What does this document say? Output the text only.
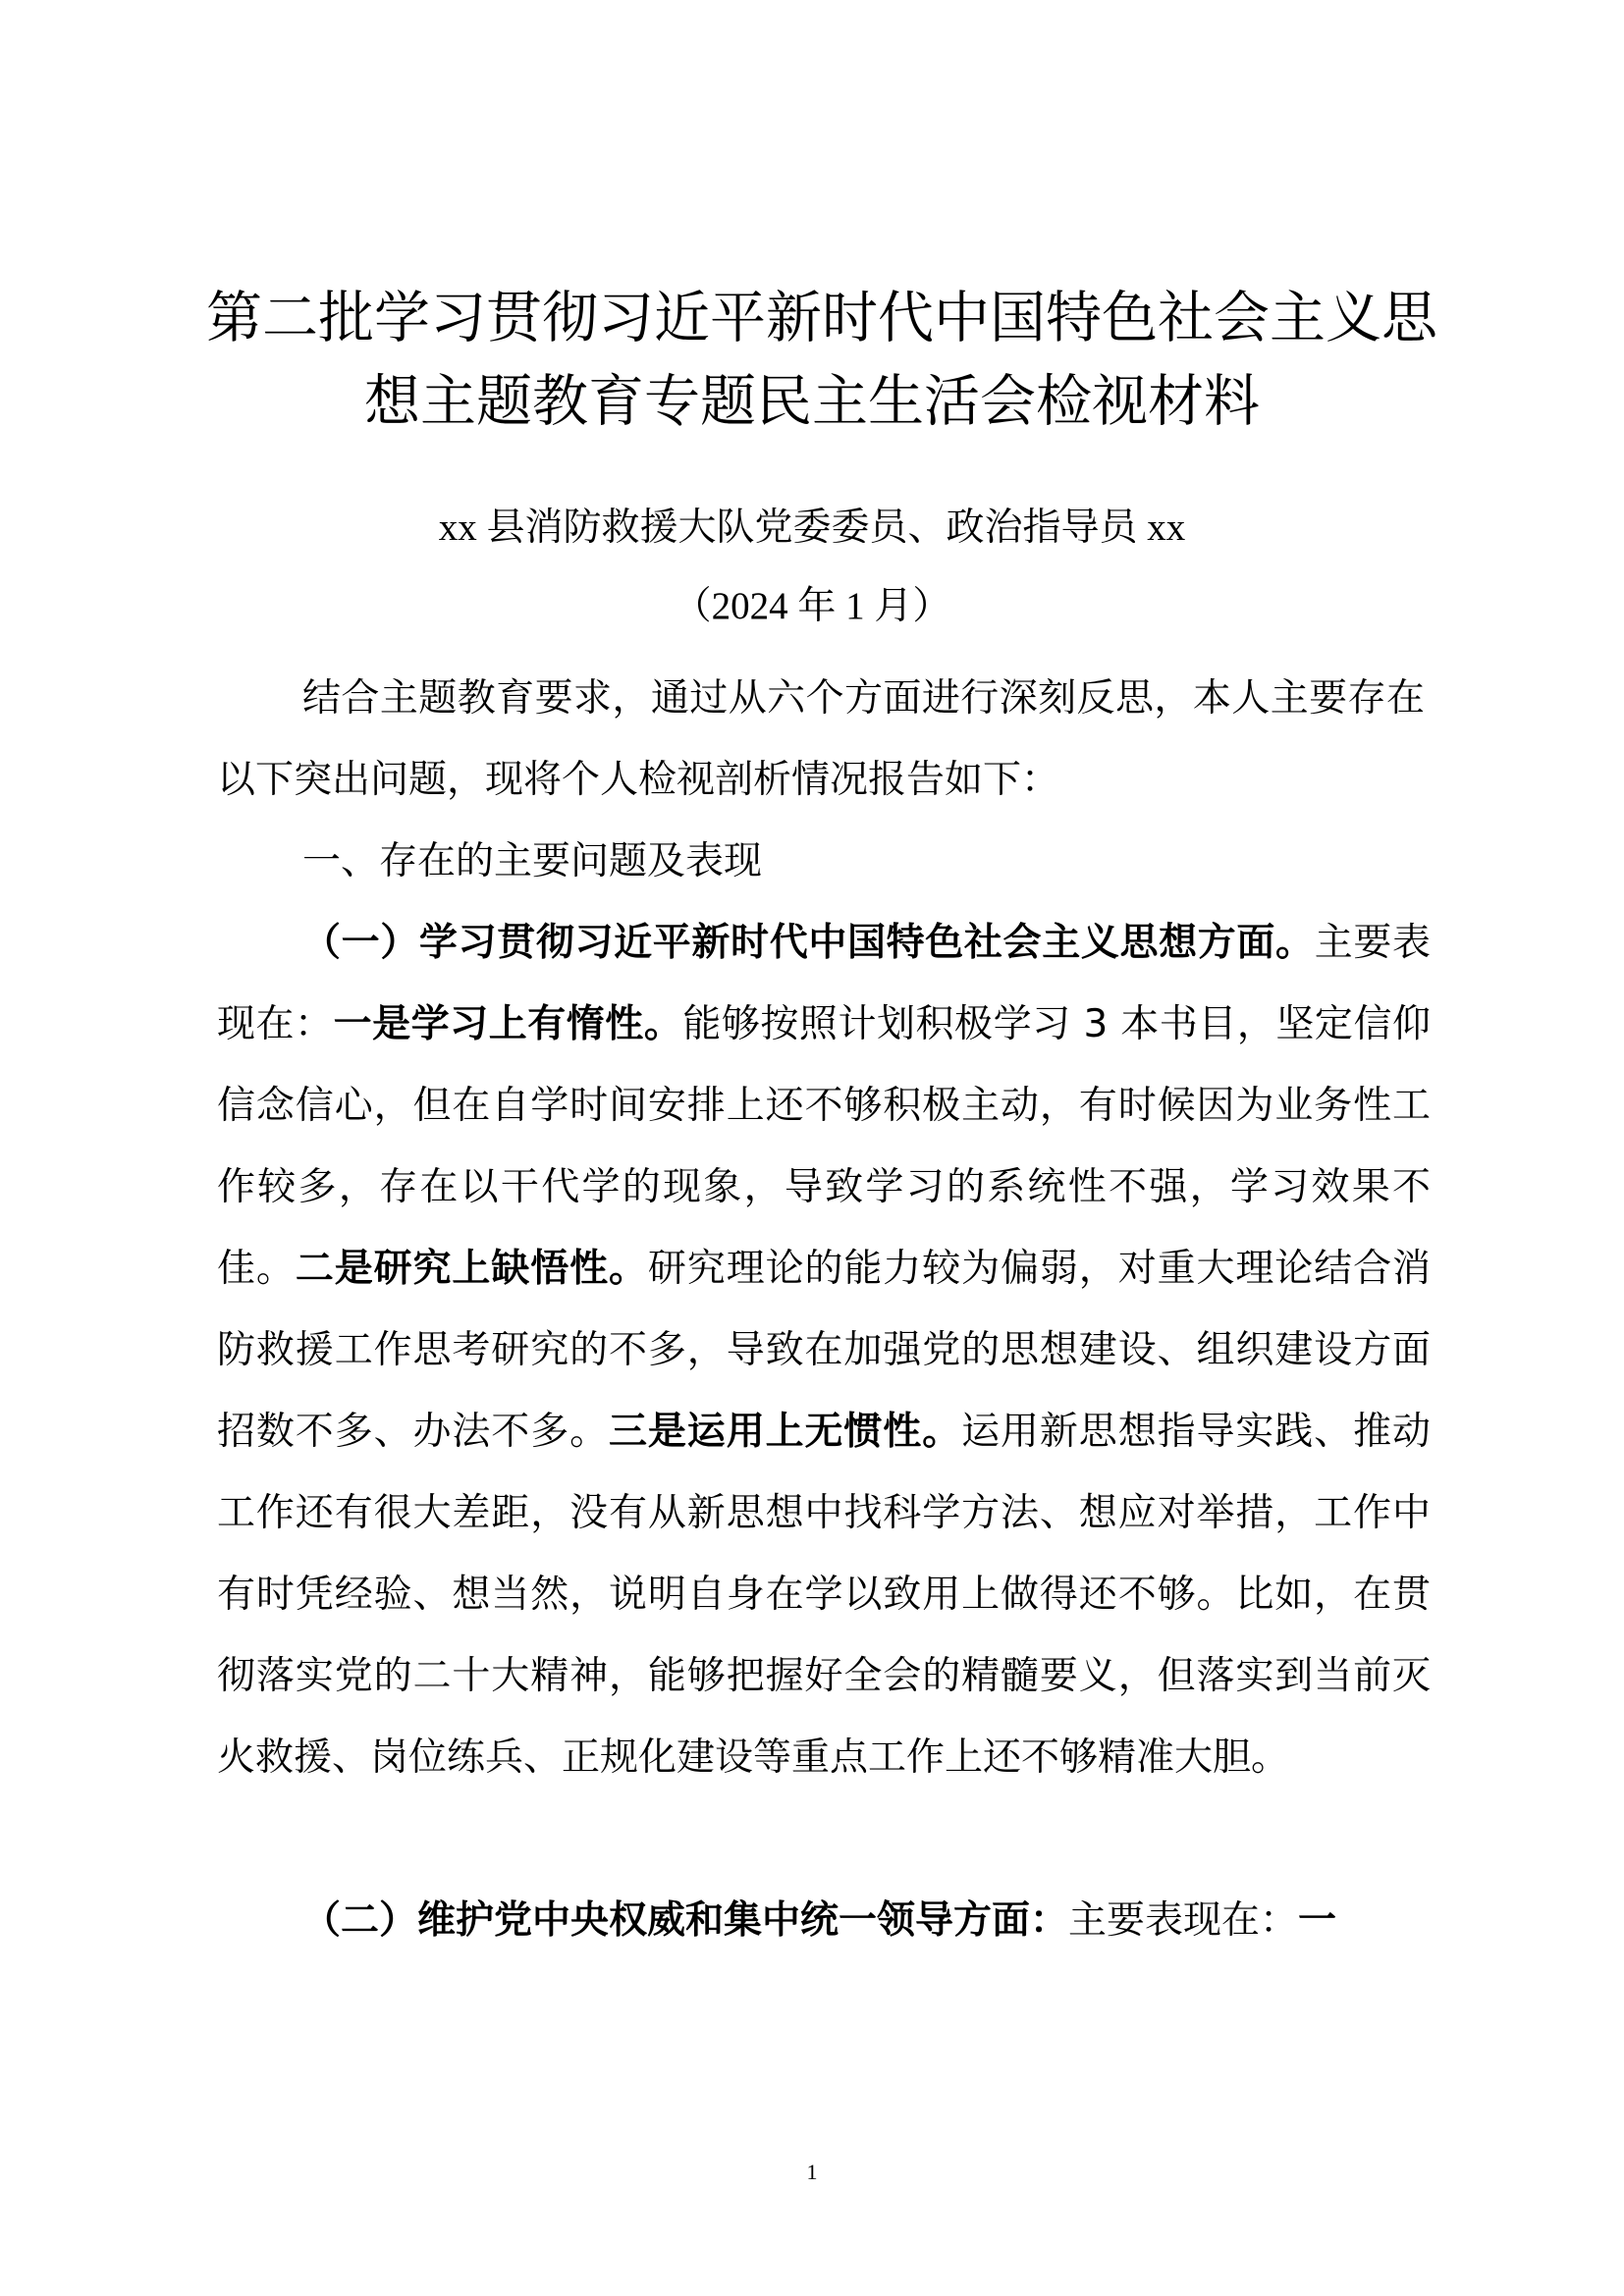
第二批学习贯彻习近平新时代中国特色社会主义思
想主题教育专题民主生活会检视材料
xx 县消防救援大队党委委员、政治指导员 xx
（2024 年 1 月）
结合主题教育要求，通过从六个方面进行深刻反思，本人主要存在以下突出问题，现将个人检视剖析情况报告如下：
一、存在的主要问题及表现
（一）学习贯彻习近平新时代中国特色社会主义思想方面。主要表现在：一是学习上有惰性。能够按照计划积极学习 3 本书目，坚定信仰信念信心，但在自学时间安排上还不够积极主动，有时候因为业务性工作较多，存在以干代学的现象，导致学习的系统性不强，学习效果不佳。二是研究上缺悟性。研究理论的能力较为偏弱，对重大理论结合消防救援工作思考研究的不多，导致在加强党的思想建设、组织建设方面招数不多、办法不多。三是运用上无惯性。运用新思想指导实践、推动工作还有很大差距，没有从新思想中找科学方法、想应对举措，工作中有时凭经验、想当然，说明自身在学以致用上做得还不够。比如，在贯彻落实党的二十大精神，能够把握好全会的精髓要义，但落实到当前灭火救援、岗位练兵、正规化建设等重点工作上还不够精准大胆。
（二）维护党中央权威和集中统一领导方面：主要表现在：一
1
